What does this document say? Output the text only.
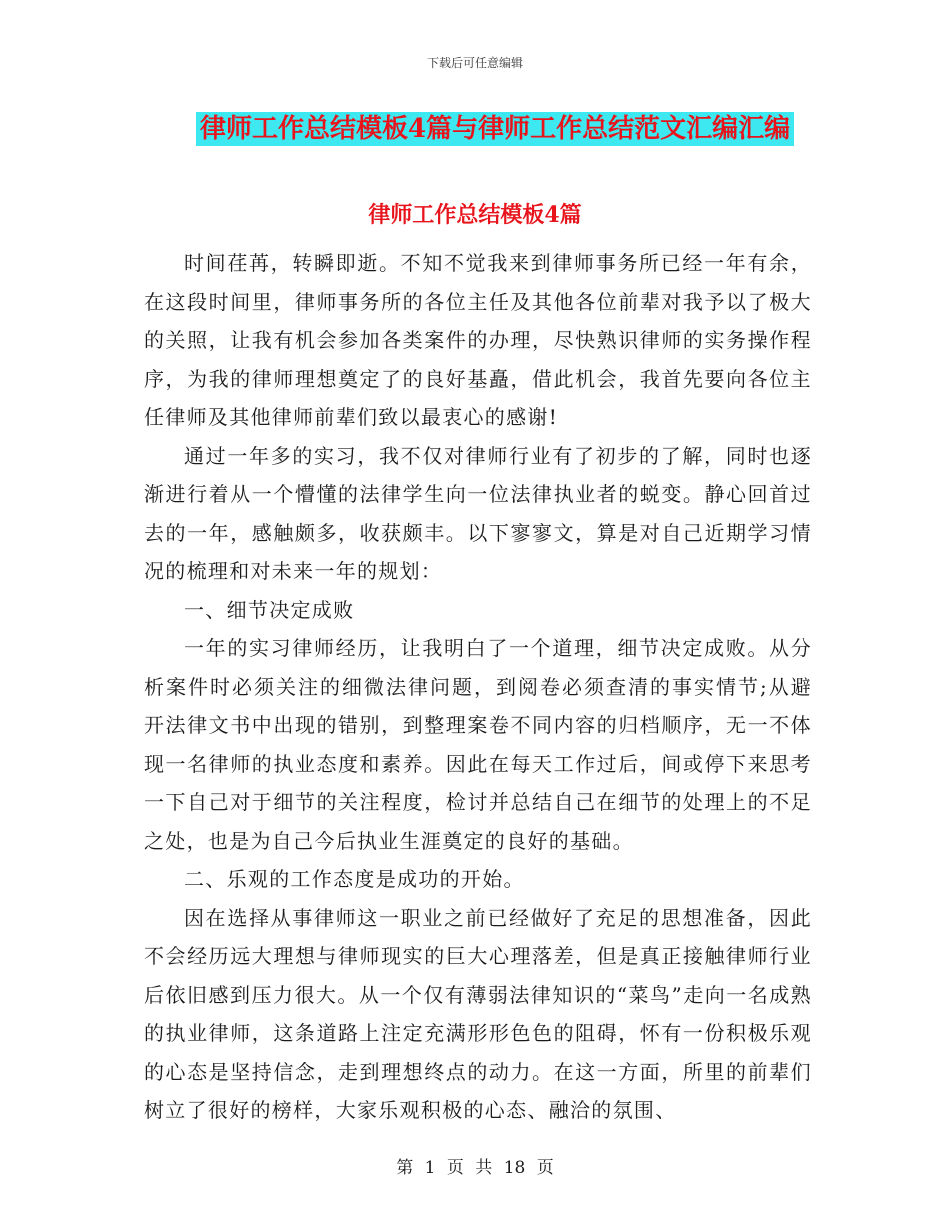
下载后可任意编辑
律师工作总结模板4篇与律师工作总结范文汇编汇编
律师工作总结模板4篇

时间荏苒，转瞬即逝。不知不觉我来到律师事务所已经一年有余，在这段时间里，律师事务所的各位主任及其他各位前辈对我予以了极大的关照，让我有机会参加各类案件的办理，尽快熟识律师的实务操作程序，为我的律师理想奠定了的良好基矗，借此机会，我首先要向各位主任律师及其他律师前辈们致以最衷心的感谢!

通过一年多的实习，我不仅对律师行业有了初步的了解，同时也逐渐进行着从一个懵懂的法律学生向一位法律执业者的蜕变。静心回首过去的一年，感触颇多，收获颇丰。以下寥寥文，算是对自己近期学习情况的梳理和对未来一年的规划：

一、细节决定成败

一年的实习律师经历，让我明白了一个道理，细节决定成败。从分析案件时必须关注的细微法律问题，到阅卷必须查清的事实情节;从避开法律文书中出现的错别，到整理案卷不同内容的归档顺序，无一不体现一名律师的执业态度和素养。因此在每天工作过后，间或停下来思考一下自己对于细节的关注程度，检讨并总结自己在细节的处理上的不足之处，也是为自己今后执业生涯奠定的良好的基础。

二、乐观的工作态度是成功的开始。

因在选择从事律师这一职业之前已经做好了充足的思想准备，因此不会经历远大理想与律师现实的巨大心理落差，但是真正接触律师行业后依旧感到压力很大。从一个仅有薄弱法律知识的“菜鸟”走向一名成熟的执业律师，这条道路上注定充满形形色色的阻碍，怀有一份积极乐观的心态是坚持信念，走到理想终点的动力。在这一方面，所里的前辈们树立了很好的榜样，大家乐观积极的心态、融洽的氛围、

第 1 页 共 18 页
